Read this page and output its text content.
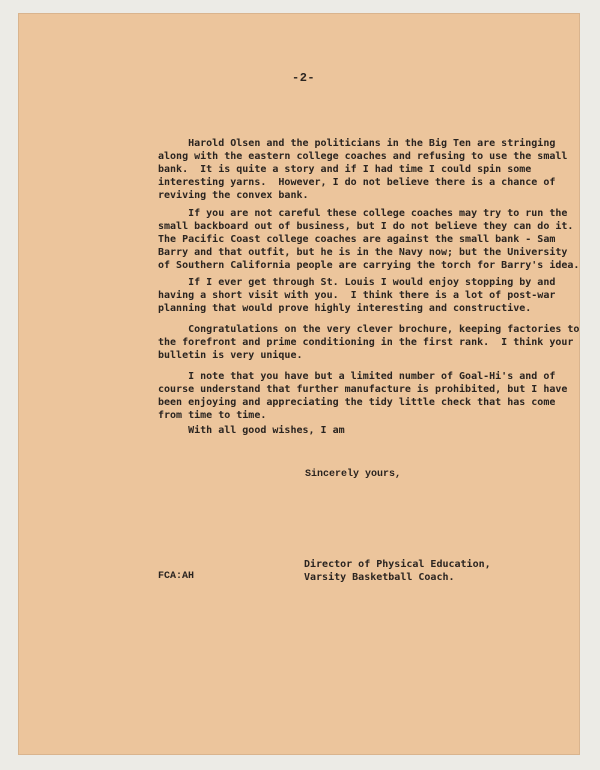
-2-
Harold Olsen and the politicians in the Big Ten are stringing
along with the eastern college coaches and refusing to use the small
bank.  It is quite a story and if I had time I could spin some
interesting yarns.  However, I do not believe there is a chance of
reviving the convex bank.
If you are not careful these college coaches may try to run the
small backboard out of business, but I do not believe they can do it.
The Pacific Coast college coaches are against the small bank - Sam
Barry and that outfit, but he is in the Navy now; but the University
of Southern California people are carrying the torch for Barry's idea.
If I ever get through St. Louis I would enjoy stopping by and
having a short visit with you.  I think there is a lot of post-war
planning that would prove highly interesting and constructive.
Congratulations on the very clever brochure, keeping factories to
the forefront and prime conditioning in the first rank.  I think your
bulletin is very unique.
I note that you have but a limited number of Goal-Hi's and of
course understand that further manufacture is prohibited, but I have
been enjoying and appreciating the tidy little check that has come
from time to time.
With all good wishes, I am
Sincerely yours,
Director of Physical Education,
Varsity Basketball Coach.
FCA:AH
